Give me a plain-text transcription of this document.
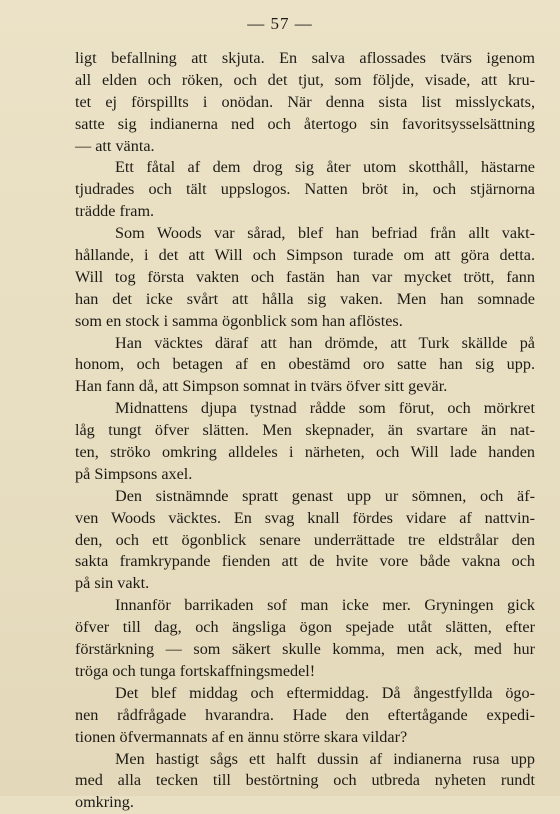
— 57 —
ligt befallning att skjuta. En salva aflossades tvärs igenom
all elden och röken, och det tjut, som följde, visade, att kru-
tet ej förspillts i onödan. När denna sista list misslyckats,
satte sig indianerna ned och återtogo sin favoritsysselsättning
— att vänta.
Ett fåtal af dem drog sig åter utom skotthåll, hästarne
tjudrades och tält uppslogos. Natten bröt in, och stjärnorna
trädde fram.
Som Woods var sårad, blef han befriad från allt vakt-
hållande, i det att Will och Simpson turade om att göra detta.
Will tog första vakten och fastän han var mycket trött, fann
han det icke svårt att hålla sig vaken. Men han somnade
som en stock i samma ögonblick som han aflöstes.
Han väcktes däraf att han drömde, att Turk skällde på
honom, och betagen af en obestämd oro satte han sig upp.
Han fann då, att Simpson somnat in tvärs öfver sitt gevär.
Midnattens djupa tystnad rådde som förut, och mörkret
låg tungt öfver slätten. Men skepnader, än svartare än nat-
ten, ströko omkring alldeles i närheten, och Will lade handen
på Simpsons axel.
Den sistnämnde spratt genast upp ur sömnen, och äf-
ven Woods väcktes. En svag knall fördes vidare af nattvin-
den, och ett ögonblick senare underrättade tre eldstrålar den
sakta framkrypande fienden att de hvite vore både vakna och
på sin vakt.
Innanför barrikaden sof man icke mer. Gryningen gick
öfver till dag, och ängsliga ögon spejade utåt slätten, efter
förstärkning — som säkert skulle komma, men ack, med hur
tröga och tunga fortskaffningsmedel!
Det blef middag och eftermiddag. Då ångestfyllda ögo-
nen rådfrågade hvarandra. Hade den eftertågande expedi-
tionen öfvermannats af en ännu större skara vildar?
Men hastigt sågs ett halft dussin af indianerna rusa upp
med alla tecken till bestörtning och utbreda nyheten rundt
omkring.
